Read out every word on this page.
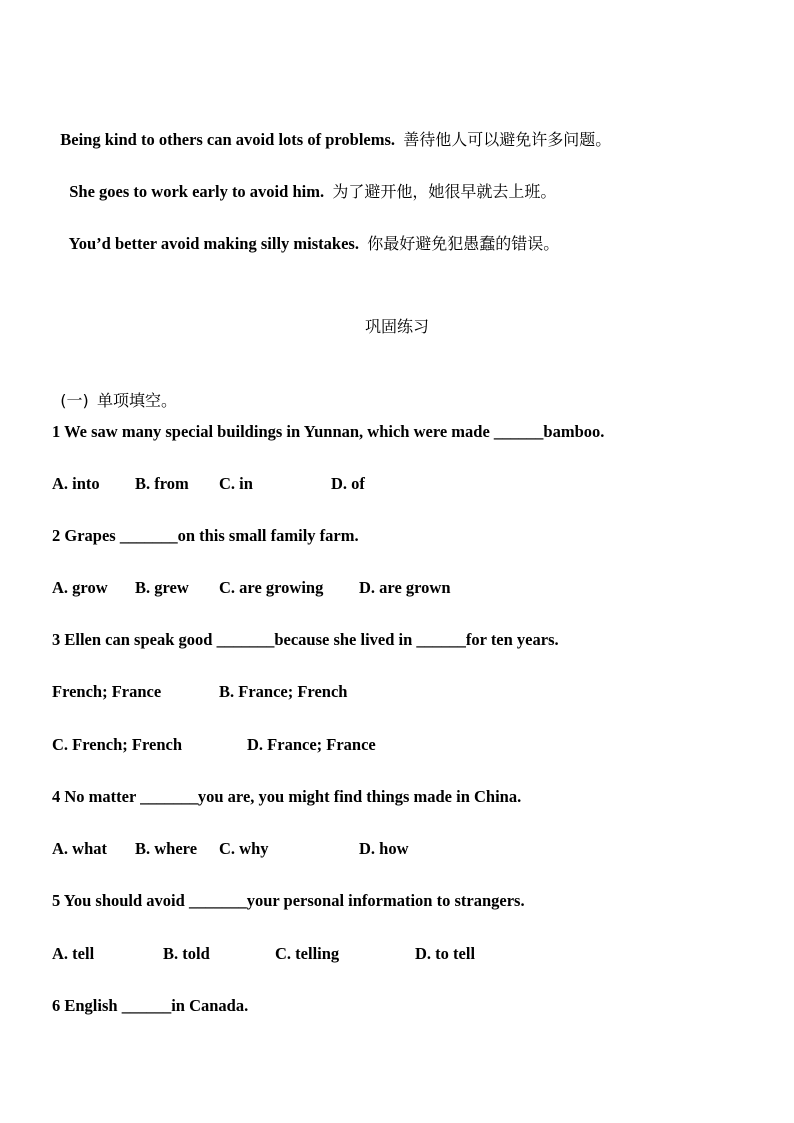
Being kind to others can avoid lots of problems. 善待他人可以避免许多问题。

She goes to work early to avoid him. 为了避开他，她很早就去上班。

You’d better avoid making silly mistakes. 你最好避免犯愚蠢的错误。

巩固练习

(一) 单项填空。

1 We saw many special buildings in Yunnan, which were made ______bamboo.
A. into B. from C. in	D. of
2 Grapes _______on this small family farm.
A. grow B. grew C. are growing D. are grown
3 Ellen can speak good _______because she lived in ______for ten years.
French; France	B. France; French
C. French; French	D. France; France
4 No matter _______you are, you might find things made in China.
A. what B. where C. why	D. how
5 You should avoid _______your personal information to strangers.
A. tell	B. told	C. telling	D. to tell
6 English ______in Canada.
